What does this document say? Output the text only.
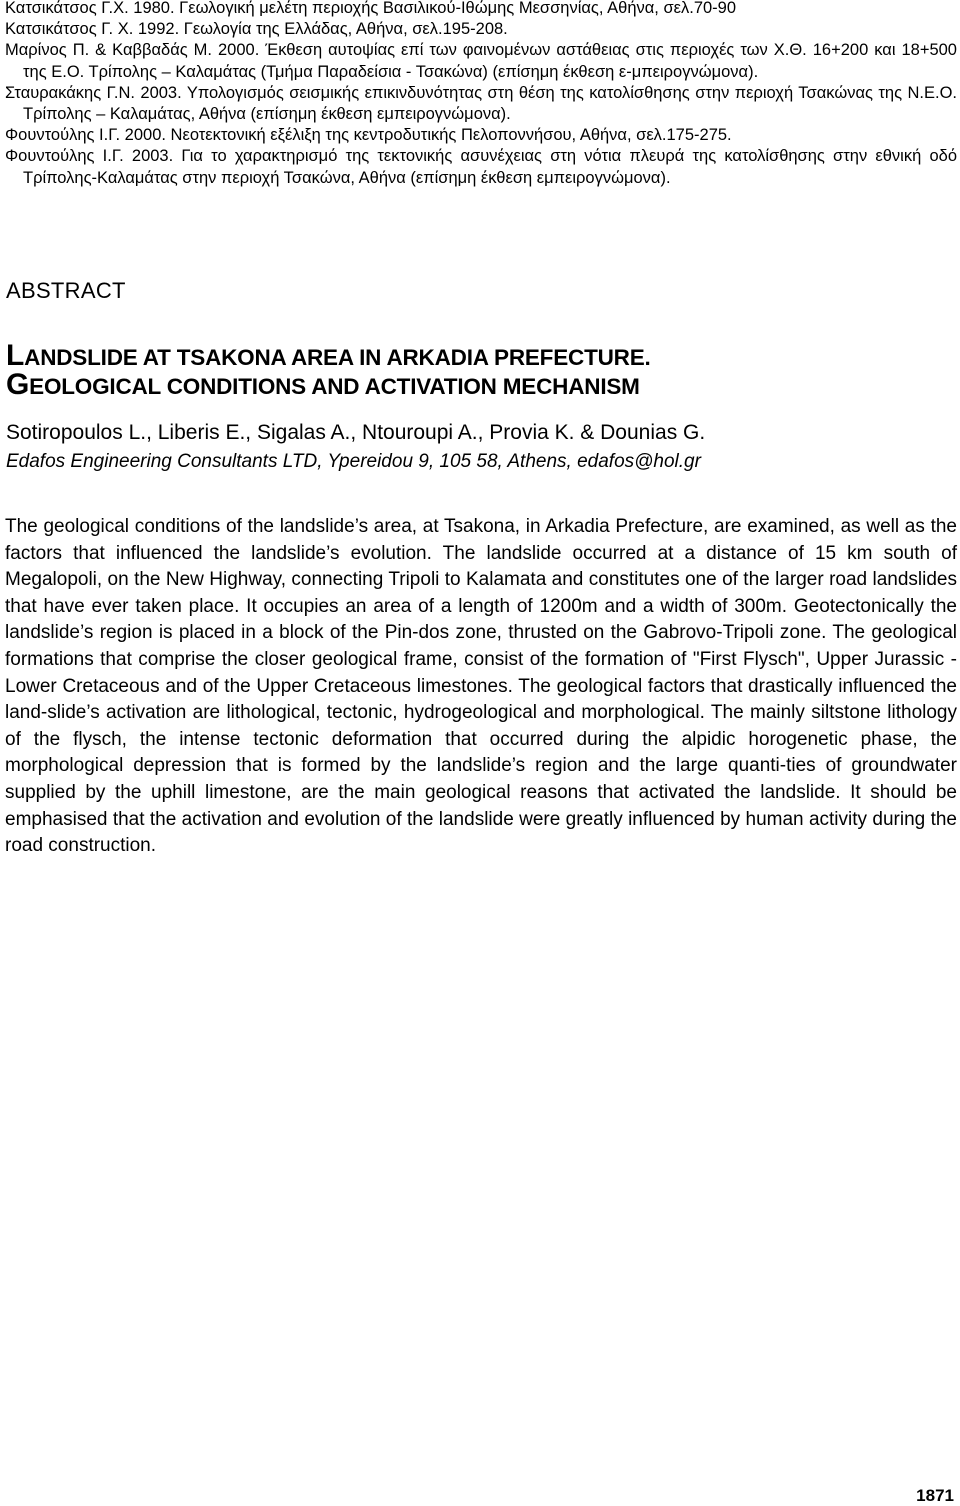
Κατσικάτσος Γ.Χ. 1980. Γεωλογική μελέτη περιοχής Βασιλικού-Ιθώμης Μεσσηνίας, Αθήνα, σελ.70-90

Κατσικάτσος Γ. Χ. 1992. Γεωλογία της Ελλάδας, Αθήνα, σελ.195-208.

Μαρίνος Π. & Καββαδάς Μ. 2000. Έκθεση αυτοψίας επί των φαινομένων αστάθειας στις περιοχές των Χ.Θ. 16+200 και 18+500 της Ε.Ο. Τρίπολης – Καλαμάτας (Τμήμα Παραδείσια - Τσακώνα) (επίσημη έκθεση ε-μπειρογνώμονα).

Σταυρακάκης Γ.Ν. 2003. Υπολογισμός σεισμικής επικινδυνότητας στη θέση της κατολίσθησης στην περιοχή Τσακώνας της Ν.Ε.Ο. Τρίπολης – Καλαμάτας, Αθήνα (επίσημη έκθεση εμπειρογνώμονα).

Φουντούλης Ι.Γ. 2000. Νεοτεκτονική εξέλιξη της κεντροδυτικής Πελοποννήσου, Αθήνα, σελ.175-275.

Φουντούλης Ι.Γ. 2003. Για το χαρακτηρισμό της τεκτονικής ασυνέχειας στη νότια πλευρά της κατολίσθησης στην εθνική οδό Τρίπολης-Καλαμάτας στην περιοχή Τσακώνα, Αθήνα (επίσημη έκθεση εμπειρογνώμονα).

ABSTRACT
LANDSLIDE AT TSAKONA AREA IN ARKADIA PREFECTURE.
GEOLOGICAL CONDITIONS AND ACTIVATION MECHANISM

Sotiropoulos L., Liberis E., Sigalas A., Ntouroupi A., Provia K. & Dounias G.

Edafos Engineering Consultants LTD, Ypereidou 9, 105 58, Athens, edafos@hol.gr

The geological conditions of the landslide’s area, at Tsakona, in Arkadia Prefecture, are examined, as well as the factors that influenced the landslide’s evolution. The landslide occurred at a distance of 15 km south of Megalopoli, on the New Highway, connecting Tripoli to Kalamata and constitutes one of the larger road landslides that have ever taken place. It occupies an area of a length of 1200m and a width of 300m. Geotectonically the landslide’s region is placed in a block of the Pin-dos zone, thrusted on the Gabrovo-Tripoli zone. The geological formations that comprise the closer geological frame, consist of the formation of "First Flysch", Upper Jurassic - Lower Cretaceous and of the Upper Cretaceous limestones. The geological factors that drastically influenced the land-slide’s activation are lithological, tectonic, hydrogeological and morphological. The mainly siltstone lithology of the flysch, the intense tectonic deformation that occurred during the alpidic horogenetic phase, the morphological depression that is formed by the landslide’s region and the large quanti-ties of groundwater supplied by the uphill limestone, are the main geological reasons that activated the landslide. It should be emphasised that the activation and evolution of the landslide were greatly influenced by human activity during the road construction.

1871
